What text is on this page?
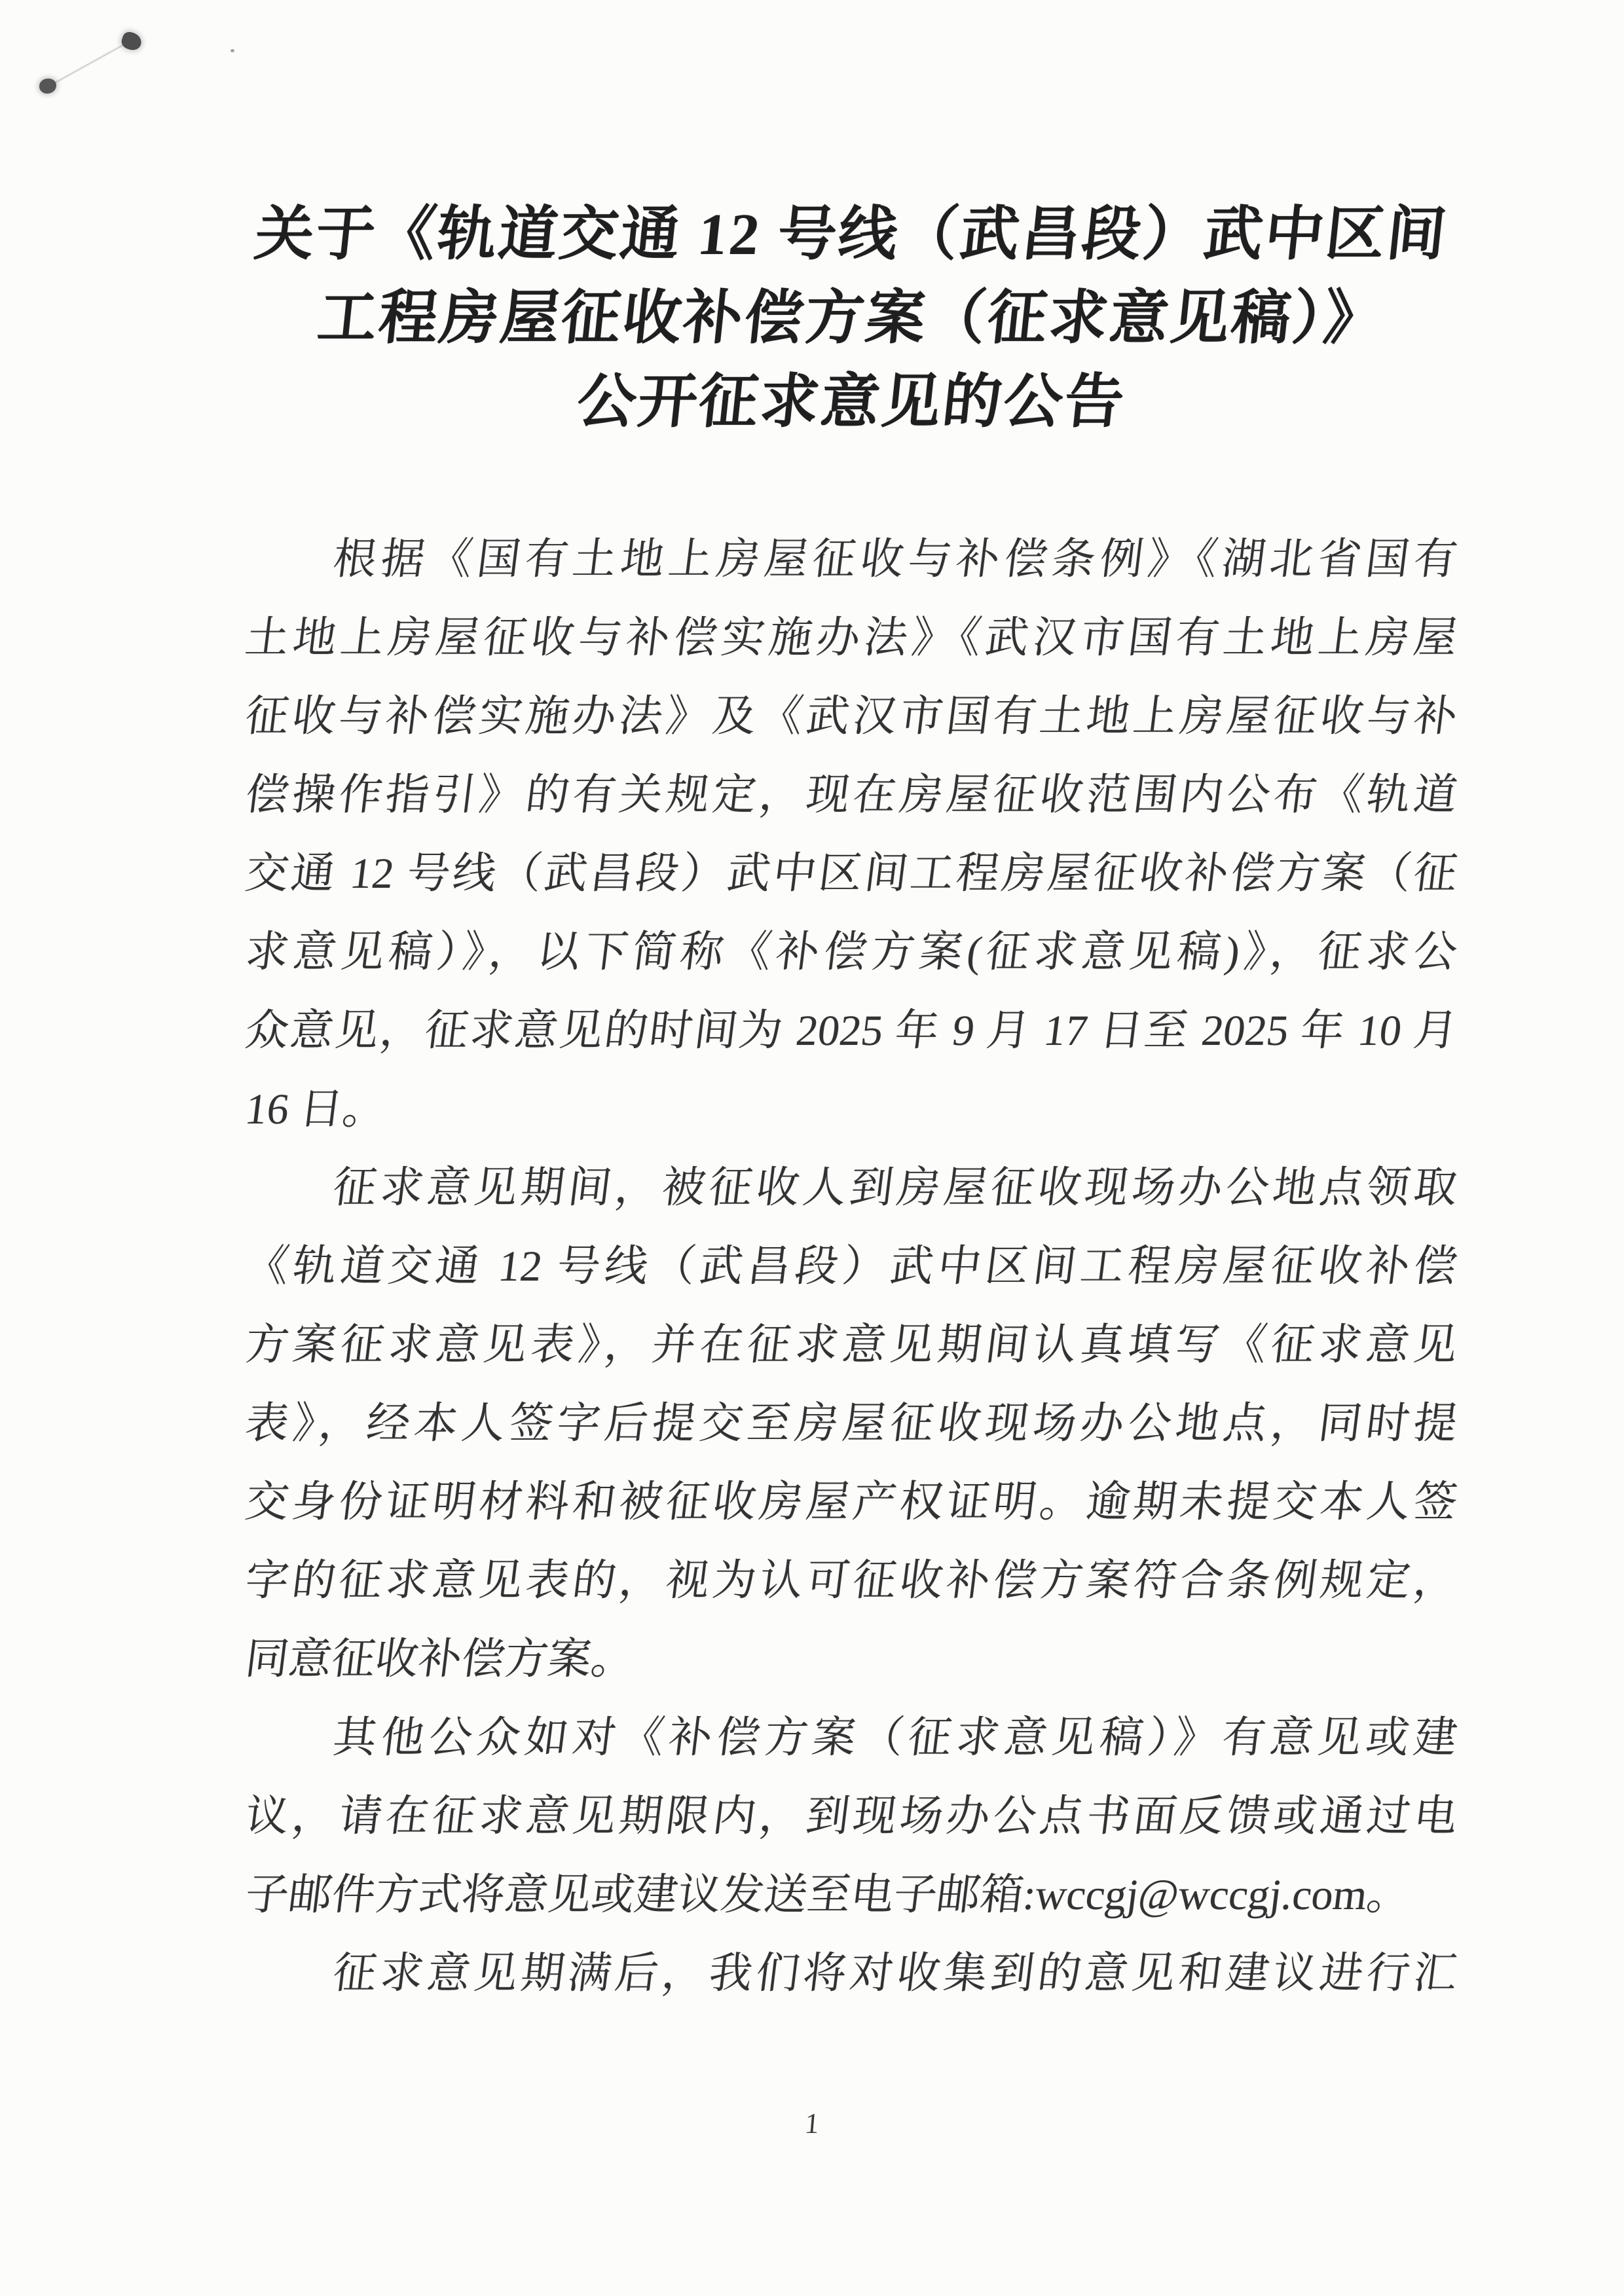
关于《轨道交通 12 号线（武昌段）武中区间
工程房屋征收补偿方案（征求意见稿）》
公开征求意见的公告
根据《国有土地上房屋征收与补偿条例》《湖北省国有
土地上房屋征收与补偿实施办法》《武汉市国有土地上房屋
征收与补偿实施办法》及《武汉市国有土地上房屋征收与补
偿操作指引》的有关规定，现在房屋征收范围内公布《轨道
交通 12 号线（武昌段）武中区间工程房屋征收补偿方案（征
求意见稿）》，以下简称《补偿方案(征求意见稿)》，征求公
众意见，征求意见的时间为 2025 年 9 月 17 日至 2025 年 10 月
16 日。
征求意见期间，被征收人到房屋征收现场办公地点领取
《轨道交通 12 号线（武昌段）武中区间工程房屋征收补偿
方案征求意见表》，并在征求意见期间认真填写《征求意见
表》，经本人签字后提交至房屋征收现场办公地点，同时提
交身份证明材料和被征收房屋产权证明。逾期未提交本人签
字的征求意见表的，视为认可征收补偿方案符合条例规定，
同意征收补偿方案。
其他公众如对《补偿方案（征求意见稿）》有意见或建
议，请在征求意见期限内，到现场办公点书面反馈或通过电
子邮件方式将意见或建议发送至电子邮箱:wccgj@wccgj.com。
征求意见期满后，我们将对收集到的意见和建议进行汇
1
